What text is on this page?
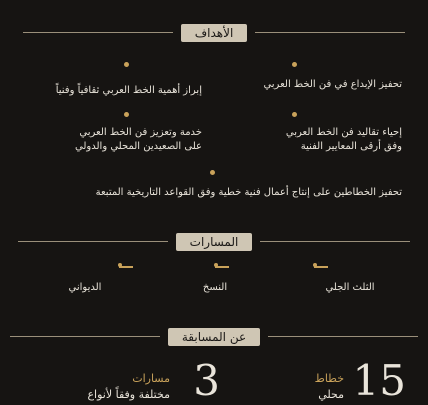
الأهداف
تحفيز الإبداع في فن الخط العربي
إبراز أهمية الخط العربي ثقافياً وفنياً
إحياء تقاليد فن الخط العربي
وفق أرقى المعايير الفنية
خدمة وتعزيز فن الخط العربي
على الصعيدين المحلي والدولي
تحفيز الخطاطين على إنتاج أعمال فنية خطية وفق القواعد التاريخية المتبعة
المسارات
الثلث الجلي
النسخ
الديواني
عن المسابقة
15
خطاط
محلي
3
مسارات
مختلفة وفقاً لأنواع
